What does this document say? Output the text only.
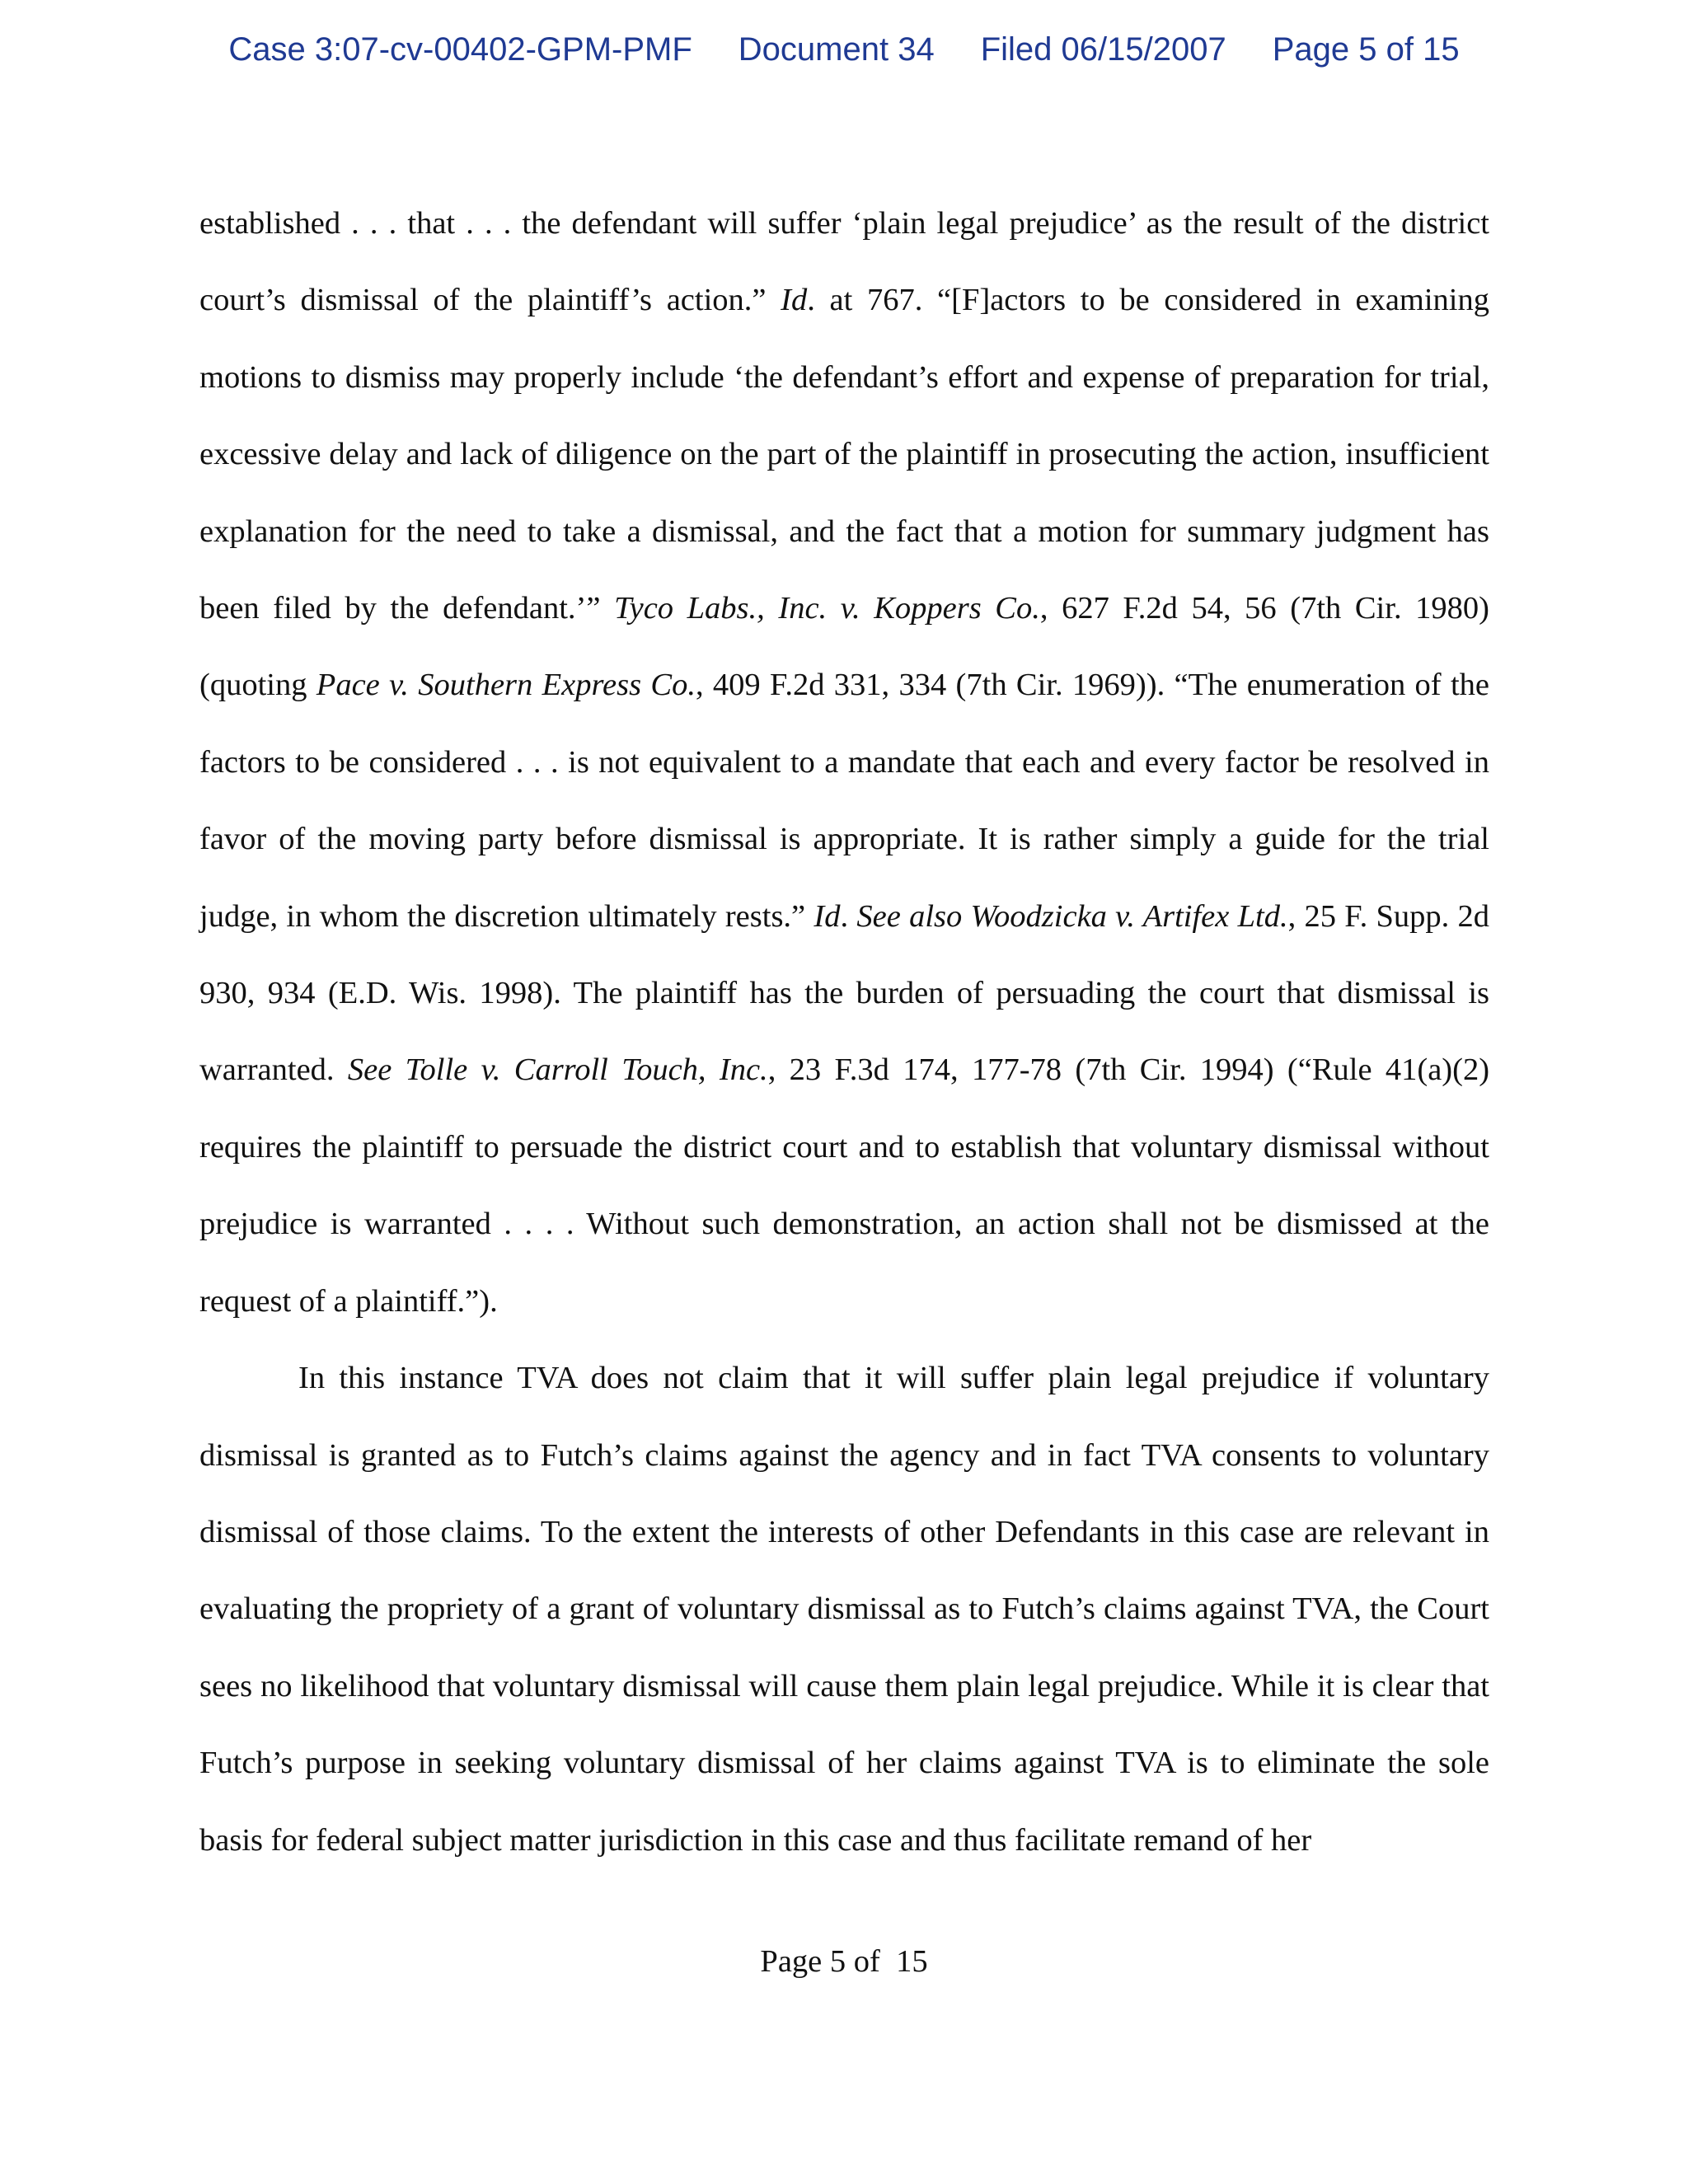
Case 3:07-cv-00402-GPM-PMF Document 34 Filed 06/15/2007 Page 5 of 15

established . . . that . . . the defendant will suffer ‘plain legal prejudice’ as the result of the district court’s dismissal of the plaintiff’s action.” Id. at 767. “[F]actors to be considered in examining motions to dismiss may properly include ‘the defendant’s effort and expense of preparation for trial, excessive delay and lack of diligence on the part of the plaintiff in prosecuting the action, insufficient explanation for the need to take a dismissal, and the fact that a motion for summary judgment has been filed by the defendant.’” Tyco Labs., Inc. v. Koppers Co., 627 F.2d 54, 56 (7th Cir. 1980) (quoting Pace v. Southern Express Co., 409 F.2d 331, 334 (7th Cir. 1969)). “The enumeration of the factors to be considered . . . is not equivalent to a mandate that each and every factor be resolved in favor of the moving party before dismissal is appropriate. It is rather simply a guide for the trial judge, in whom the discretion ultimately rests.” Id. See also Woodzicka v. Artifex Ltd., 25 F. Supp. 2d 930, 934 (E.D. Wis. 1998). The plaintiff has the burden of persuading the court that dismissal is warranted. See Tolle v. Carroll Touch, Inc., 23 F.3d 174, 177-78 (7th Cir. 1994) (“Rule 41(a)(2) requires the plaintiff to persuade the district court and to establish that voluntary dismissal without prejudice is warranted . . . . Without such demonstration, an action shall not be dismissed at the request of a plaintiff.”).

In this instance TVA does not claim that it will suffer plain legal prejudice if voluntary dismissal is granted as to Futch’s claims against the agency and in fact TVA consents to voluntary dismissal of those claims. To the extent the interests of other Defendants in this case are relevant in evaluating the propriety of a grant of voluntary dismissal as to Futch’s claims against TVA, the Court sees no likelihood that voluntary dismissal will cause them plain legal prejudice. While it is clear that Futch’s purpose in seeking voluntary dismissal of her claims against TVA is to eliminate the sole basis for federal subject matter jurisdiction in this case and thus facilitate remand of her

Page 5 of  15
